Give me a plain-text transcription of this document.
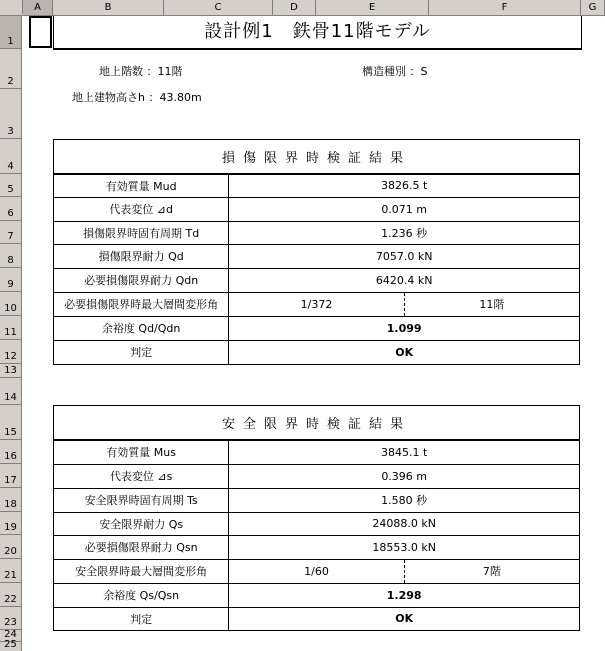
A	B	C	D	E	F	G
1
2
3
4
5
6
7
8
9
10
11
12
13
14
15
16
17
18
19
20
21
22
23
24
25
設計例1　鉄骨11階モデル
地上階数 ：11階	構造種別 ：S
地上建物高さh ：43.80m
損傷限界時検証結果		
有効質量 Mud	3826.5 t	
代表変位 ⊿d	0.071 m	
損傷限界時固有周期 Td	1.236 秒	
損傷限界耐力 Qd	7057.0 kN	
必要損傷限界耐力 Qdn	6420.4 kN	
必要損傷限界時最大層間変形角	1/372	11階
余裕度 Qd/Qdn	1.099	
判定	OK	
安全限界時検証結果		
有効質量 Mus	3845.1 t	
代表変位 ⊿s	0.396 m	
安全限界時固有周期 Ts	1.580 秒	
安全限界耐力 Qs	24088.0 kN	
必要損傷限界耐力 Qsn	18553.0 kN	
安全限界時最大層間変形角	1/60	7階
余裕度 Qs/Qsn	1.298	
判定	OK	
